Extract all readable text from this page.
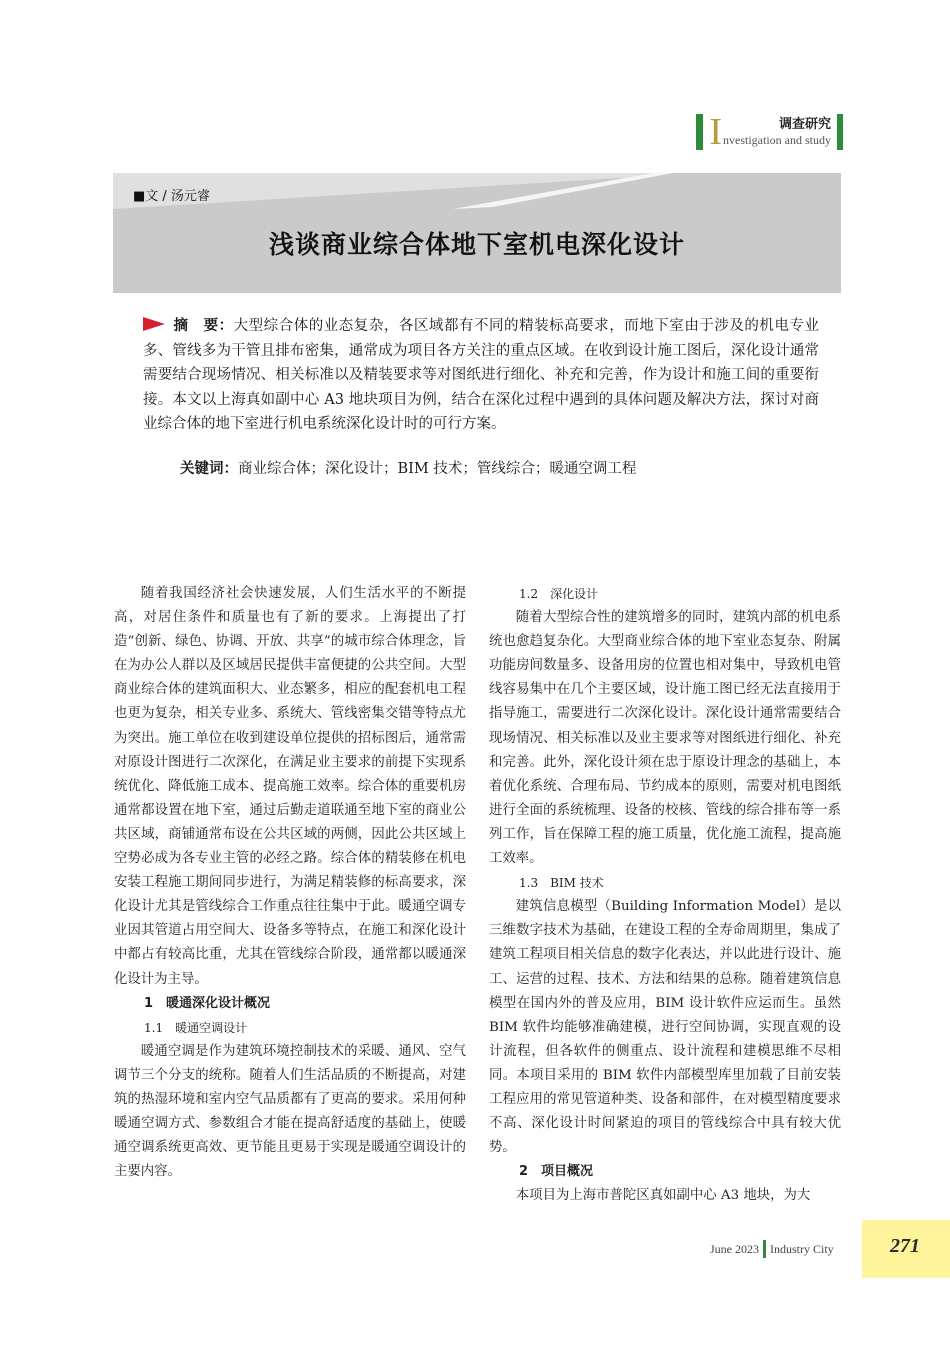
I	调查研究
nvestigation and study
■文 / 汤元睿
浅谈商业综合体地下室机电深化设计
摘　要：大型综合体的业态复杂，各区域都有不同的精装标高要求，而地下室由于涉及的机电专业多、管线多为干管且排布密集，通常成为项目各方关注的重点区域。在收到设计施工图后，深化设计通常需要结合现场情况、相关标准以及精装要求等对图纸进行细化、补充和完善，作为设计和施工间的重要衔接。本文以上海真如副中心 A3 地块项目为例，结合在深化过程中遇到的具体问题及解决方法，探讨对商业综合体的地下室进行机电系统深化设计时的可行方案。
关键词：商业综合体；深化设计；BIM 技术；管线综合；暖通空调工程

随着我国经济社会快速发展，人们生活水平的不断提高，对居住条件和质量也有了新的要求。上海提出了打造“创新、绿色、协调、开放、共享”的城市综合体理念，旨在为办公人群以及区域居民提供丰富便捷的公共空间。大型商业综合体的建筑面积大、业态繁多，相应的配套机电工程也更为复杂，相关专业多、系统大、管线密集交错等特点尤为突出。施工单位在收到建设单位提供的招标图后，通常需对原设计图进行二次深化，在满足业主要求的前提下实现系统优化、降低施工成本、提高施工效率。综合体的重要机房通常都设置在地下室，通过后勤走道联通至地下室的商业公共区域，商铺通常布设在公共区域的两侧，因此公共区域上空势必成为各专业主管的必经之路。综合体的精装修在机电安装工程施工期间同步进行，为满足精装修的标高要求，深化设计尤其是管线综合工作重点往往集中于此。暖通空调专业因其管道占用空间大、设备多等特点，在施工和深化设计中都占有较高比重，尤其在管线综合阶段，通常都以暖通深化设计为主导。

1　暖通深化设计概况
1.1　暖通空调设计

暖通空调是作为建筑环境控制技术的采暖、通风、空气调节三个分支的统称。随着人们生活品质的不断提高，对建筑的热湿环境和室内空气品质都有了更高的要求。采用何种暖通空调方式、参数组合才能在提高舒适度的基础上，使暖通空调系统更高效、更节能且更易于实现是暖通空调设计的主要内容。

1.2　深化设计

随着大型综合性的建筑增多的同时，建筑内部的机电系统也愈趋复杂化。大型商业综合体的地下室业态复杂、附属功能房间数量多、设备用房的位置也相对集中，导致机电管线容易集中在几个主要区域，设计施工图已经无法直接用于指导施工，需要进行二次深化设计。深化设计通常需要结合现场情况、相关标准以及业主要求等对图纸进行细化、补充和完善。此外，深化设计须在忠于原设计理念的基础上，本着优化系统、合理布局、节约成本的原则，需要对机电图纸进行全面的系统梳理、设备的校核、管线的综合排布等一系列工作，旨在保障工程的施工质量，优化施工流程，提高施工效率。

1.3　BIM 技术

建筑信息模型（Building Information Model）是以三维数字技术为基础，在建设工程的全寿命周期里，集成了建筑工程项目相关信息的数字化表达，并以此进行设计、施工、运营的过程、技术、方法和结果的总称。随着建筑信息模型在国内外的普及应用，BIM 设计软件应运而生。虽然 BIM 软件均能够准确建模，进行空间协调，实现直观的设计流程，但各软件的侧重点、设计流程和建模思维不尽相同。本项目采用的 BIM 软件内部模型库里加载了目前安装工程应用的常见管道种类、设备和部件，在对模型精度要求不高、深化设计时间紧迫的项目的管线综合中具有较大优势。

2　项目概况

本项目为上海市普陀区真如副中心 A3 地块，为大

June 2023 Industry City	271
